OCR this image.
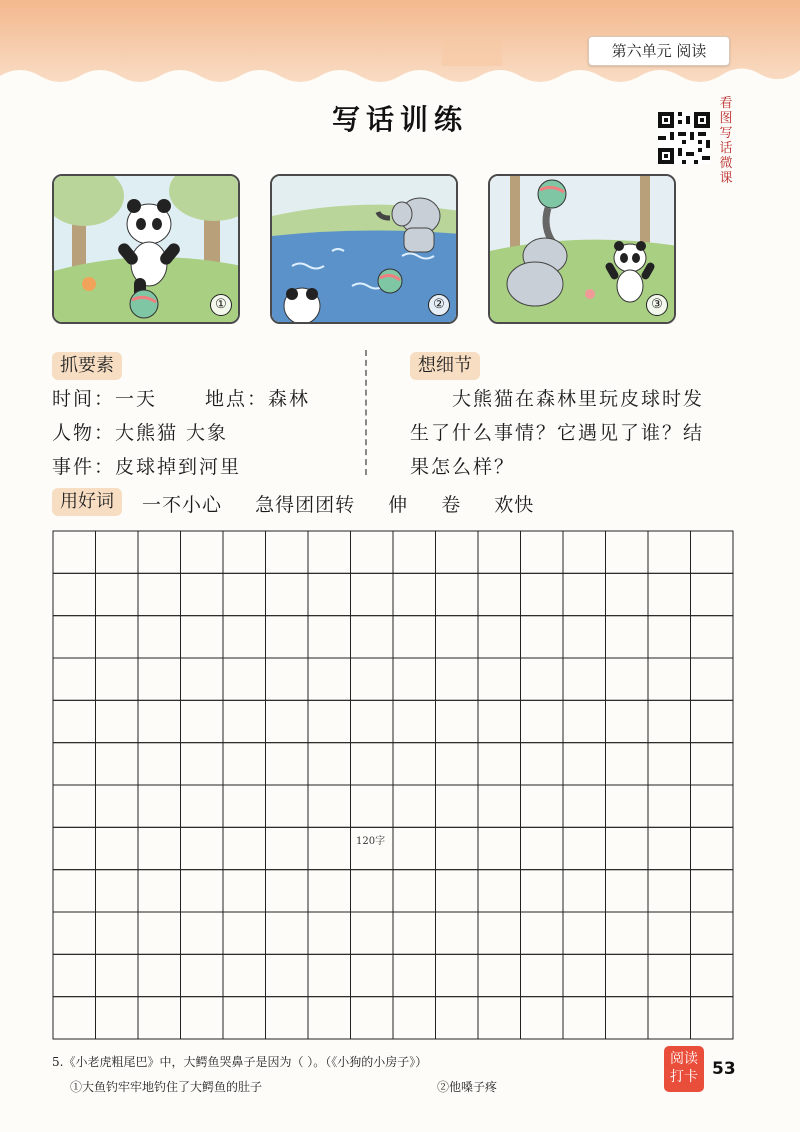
第六单元 阅读
写话训练	看图写话微课
①	②	③
抓要素
时间：一天	地点：森林
人物：大熊猫 大象
事件：皮球掉到河里
想细节
大熊猫在森林里玩皮球时发
生了什么事情？它遇见了谁？结
果怎么样？
用好词	一不小心 急得团团转 伸 卷 欢快
120字
5.《小老虎粗尾巴》中，大鳄鱼哭鼻子是因为（ ）。（《小狗的小房子》）
①大鱼钓牢牢地钓住了大鳄鱼的肚子	②他嗓子疼
阅读
打卡 53
